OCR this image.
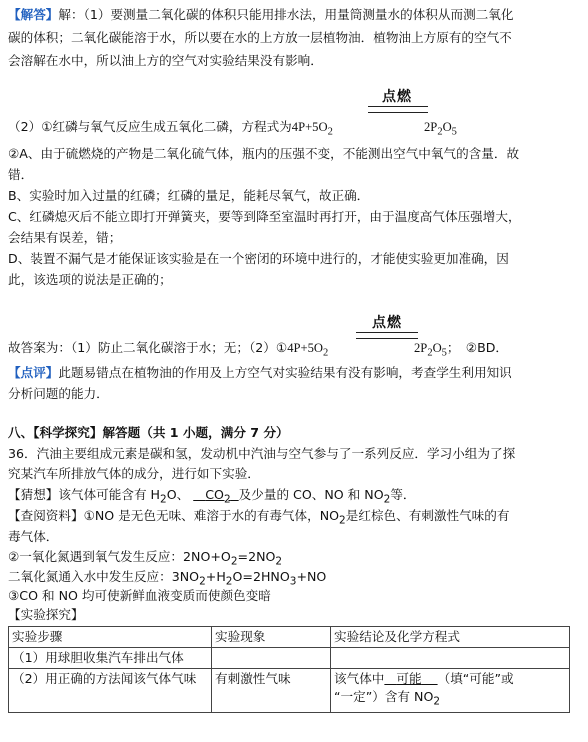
【解答】解：（1）要测量二氧化碳的体积只能用排水法，用量筒测量水的体积从而测二氧化
碳的体积；二氧化碳能溶于水，所以要在水的上方放一层植物油．植物油上方原有的空气不
会溶解在水中，所以油上方的空气对实验结果没有影响．
点燃
（2）①红磷与氧气反应生成五氧化二磷，方程式为$4P+5O_2$	$2P_2O_5$
②A、由于硫燃烧的产物是二氧化硫气体，瓶内的压强不变，不能测出空气中氧气的含量．故
错．
B、实验时加入过量的红磷；红磷的量足，能耗尽氧气，故正确．
C、红磷熄灭后不能立即打开弹簧夹，要等到降至室温时再打开，由于温度高气体压强增大，
会结果有误差，错；
D、装置不漏气是才能保证该实验是在一个密闭的环境中进行的，才能使实验更加准确，因
此，该选项的说法是正确的；
点燃
故答案为：（1）防止二氧化碳溶于水；无；$(2)①4P+5O_2$	$2P_2O_5$；　②BD．
【点评】此题易错点在植物油的作用及上方空气对实验结果有没有影响，考查学生利用知识
分析问题的能力．
八、【科学探究】解答题（共 1 小题，满分 7 分）
36．汽油主要组成元素是碳和氢，发动机中汽油与空气参与了一系列反应．学习小组为了探
究某汽车所排放气体的成分，进行如下实验．
【猜想】该气体可能含有 $H_2O$、 $CO_2$ 及少量的 CO、NO 和 $NO_2$等．
【查阅资料】①NO 是无色无味、难溶于水的有毒气体，$NO_2$是红棕色、有刺激性气味的有
毒气体．
②一氧化氮遇到氧气发生反应：$2NO+O_2=2NO_2$
二氧化氮通入水中发生反应：$3NO_2+H_2O=2HNO_3+NO$
③CO 和 NO 均可使新鲜血液变质而使颜色变暗
【实验探究】
实验步骤	实验现象	实验结论及化学方程式
（1）用球胆收集汽车排出气体		
（2）用正确的方法闻该气体气味	有刺激性气味	该气体中 可能 （填“可能”或
“一定”）含有 $NO_2$
